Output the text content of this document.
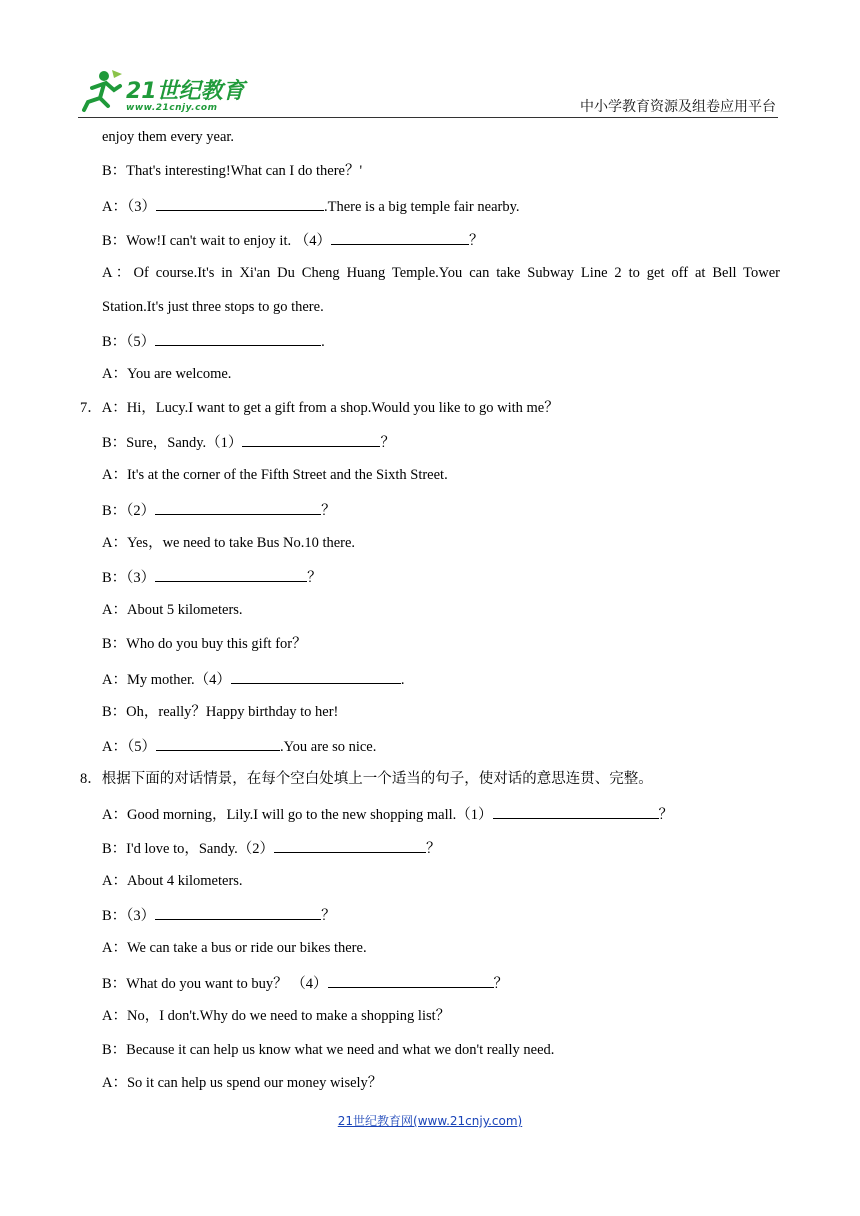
21世纪教育
www.21cnjy.com	中小学教育资源及组卷应用平台
enjoy them every year.
B：That's interesting!What can I do there？'
A：（3）	.There is a big temple fair nearby.
B：Wow!I can't wait to enjoy it. （4）	？
A：Of course.It's in Xi'an Du Cheng Huang Temple.You can take Subway Line 2 to get off at Bell Tower
Station.It's just three stops to go there.
B：（5）	.
A：You are welcome.
7．A：Hi，Lucy.I want to get a gift from a shop.Would you like to go with me？
B：Sure，Sandy.（1）	？
A：It's at the corner of the Fifth Street and the Sixth Street.
B：（2）	？
A：Yes，we need to take Bus No.10 there.
B：（3）	？
A：About 5 kilometers.
B：Who do you buy this gift for？
A：My mother.（4）	.
B：Oh，really？Happy birthday to her!
A：（5）	.You are so nice.
8．根据下面的对话情景，在每个空白处填上一个适当的句子，使对话的意思连贯、完整。
A：Good morning，Lily.I will go to the new shopping mall.（1）	？
B：I'd love to，Sandy.（2）	？
A：About 4 kilometers.
B：（3）	？
A：We can take a bus or ride our bikes there.
B：What do you want to buy？ （4）	？
A：No，I don't.Why do we need to make a shopping list？
B：Because it can help us know what we need and what we don't really need.
A：So it can help us spend our money wisely？
21世纪教育网(www.21cnjy.com)
